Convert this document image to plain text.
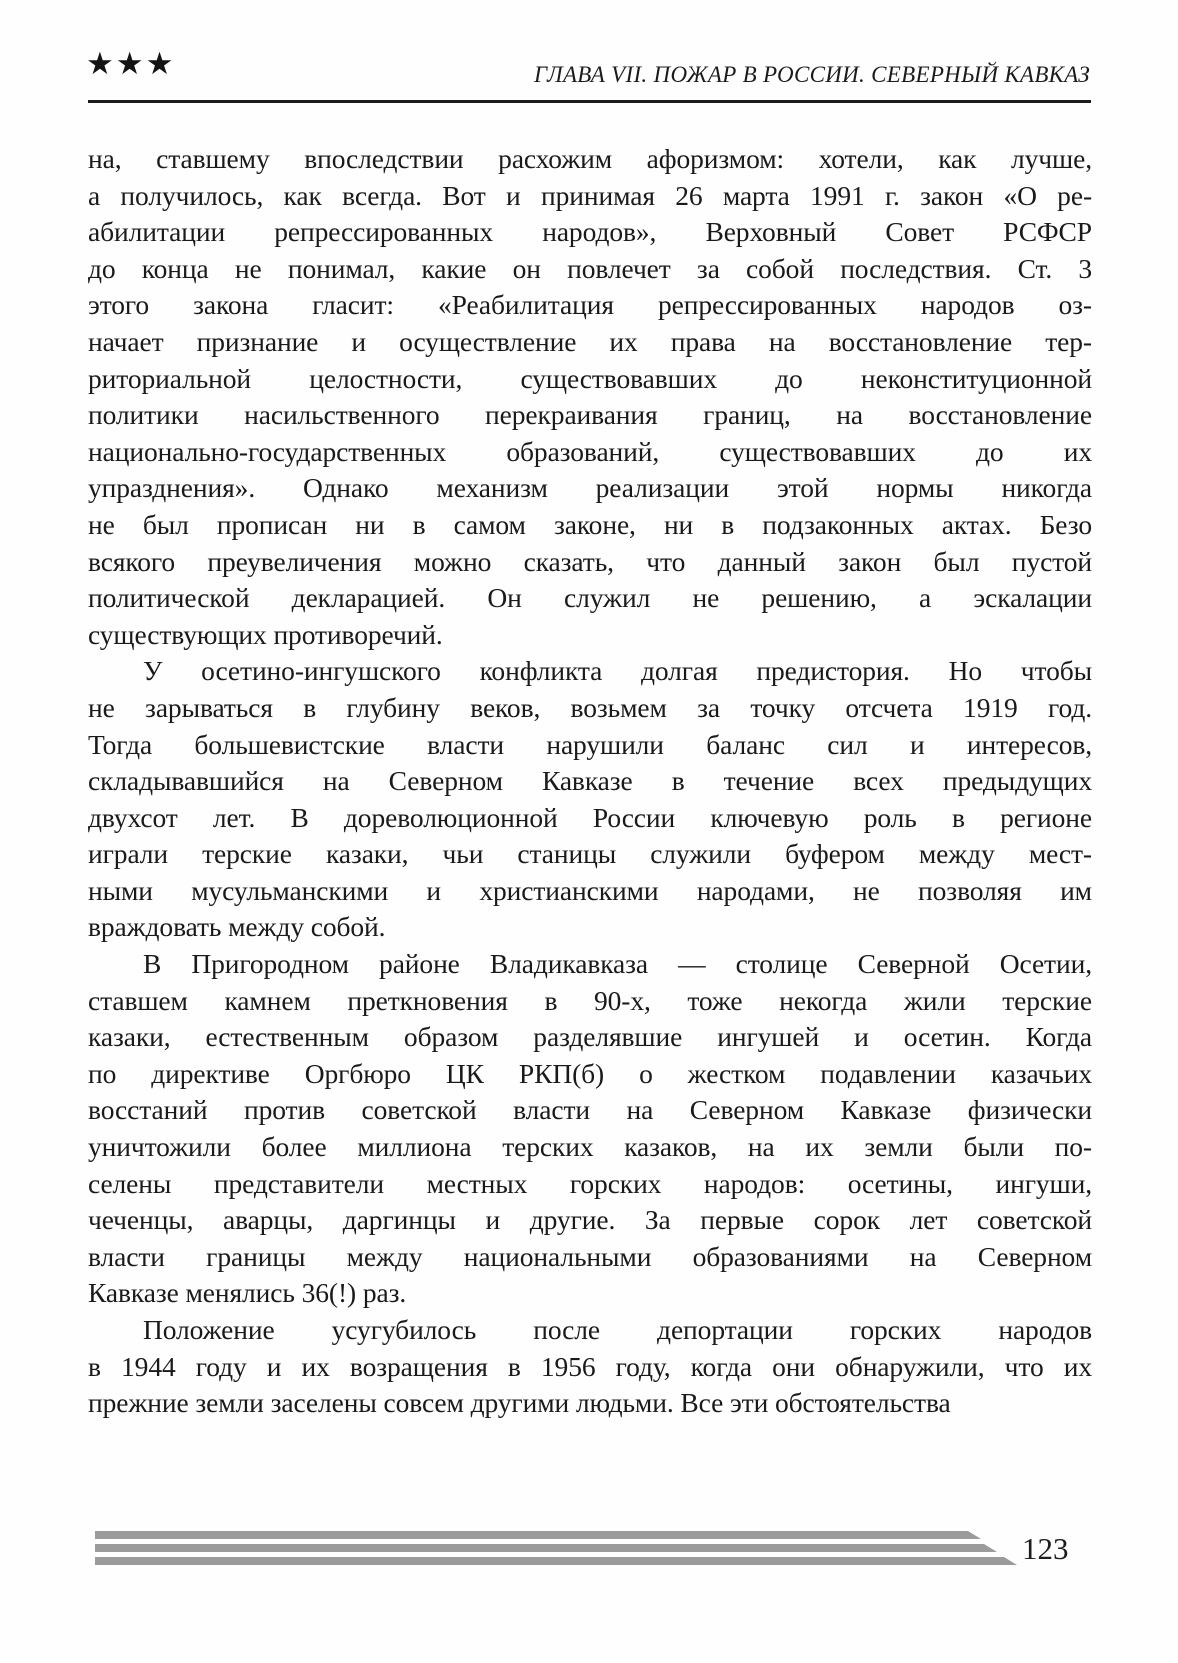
★★★	ГЛАВА VII. ПОЖАР В РОССИИ. СЕВЕРНЫЙ КАВКАЗ
на, ставшему впоследствии расхожим афоризмом: хотели, как лучше,
а получилось, как всегда. Вот и принимая 26 марта 1991 г. закон «О ре-
абилитации репрессированных народов», Верховный Совет РСФСР
до конца не понимал, какие он повлечет за собой последствия. Ст. 3
этого закона гласит: «Реабилитация репрессированных народов оз-
начает признание и осуществление их права на восстановление тер-
риториальной целостности, существовавших до неконституционной
политики насильственного перекраивания границ, на восстановление
национально-государственных образований, существовавших до их
упразднения». Однако механизм реализации этой нормы никогда
не был прописан ни в самом законе, ни в подзаконных актах. Безо
всякого преувеличения можно сказать, что данный закон был пустой
политической декларацией. Он служил не решению, а эскалации
существующих противоречий.
У осетино-ингушского конфликта долгая предистория. Но чтобы
не зарываться в глубину веков, возьмем за точку отсчета 1919 год.
Тогда большевистские власти нарушили баланс сил и интересов,
складывавшийся на Северном Кавказе в течение всех предыдущих
двухсот лет. В дореволюционной России ключевую роль в регионе
играли терские казаки, чьи станицы служили буфером между мест-
ными мусульманскими и христианскими народами, не позволяя им
враждовать между собой.
В Пригородном районе Владикавказа — столице Северной Осетии,
ставшем камнем преткновения в 90-х, тоже некогда жили терские
казаки, естественным образом разделявшие ингушей и осетин. Когда
по директиве Оргбюро ЦК РКП(б) о жестком подавлении казачьих
восстаний против советской власти на Северном Кавказе физически
уничтожили более миллиона терских казаков, на их земли были по-
селены представители местных горских народов: осетины, ингуши,
чеченцы, аварцы, даргинцы и другие. За первые сорок лет советской
власти границы между национальными образованиями на Северном
Кавказе менялись 36(!) раз.
Положение усугубилось после депортации горских народов
в 1944 году и их возращения в 1956 году, когда они обнаружили, что их
прежние земли заселены совсем другими людьми. Все эти обстоятельства
123
